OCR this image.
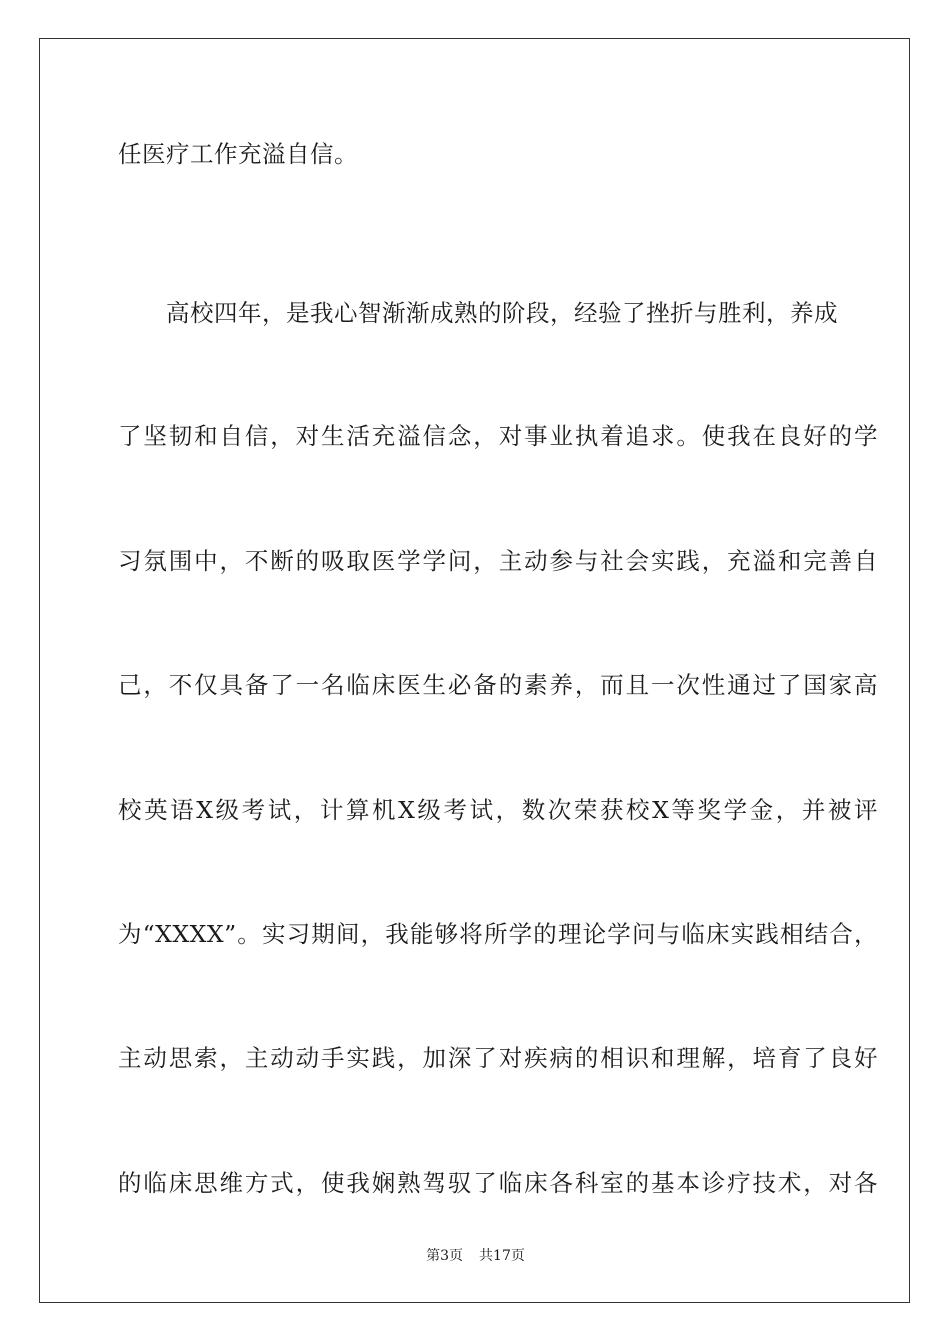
任医疗工作充溢自信。
高校四年，是我心智渐渐成熟的阶段，经验了挫折与胜利，养成
了坚韧和自信，对生活充溢信念，对事业执着追求。使我在良好的学
习氛围中，不断的吸取医学学问，主动参与社会实践，充溢和完善自
己，不仅具备了一名临床医生必备的素养，而且一次性通过了国家高
校英语X级考试，计算机X级考试，数次荣获校X等奖学金，并被评
为“XXXX”。实习期间，我能够将所学的理论学问与临床实践相结合，
主动思索，主动动手实践，加深了对疾病的相识和理解，培育了良好
的临床思维方式，使我娴熟驾驭了临床各科室的基本诊疗技术，对各
第3页 共17页
